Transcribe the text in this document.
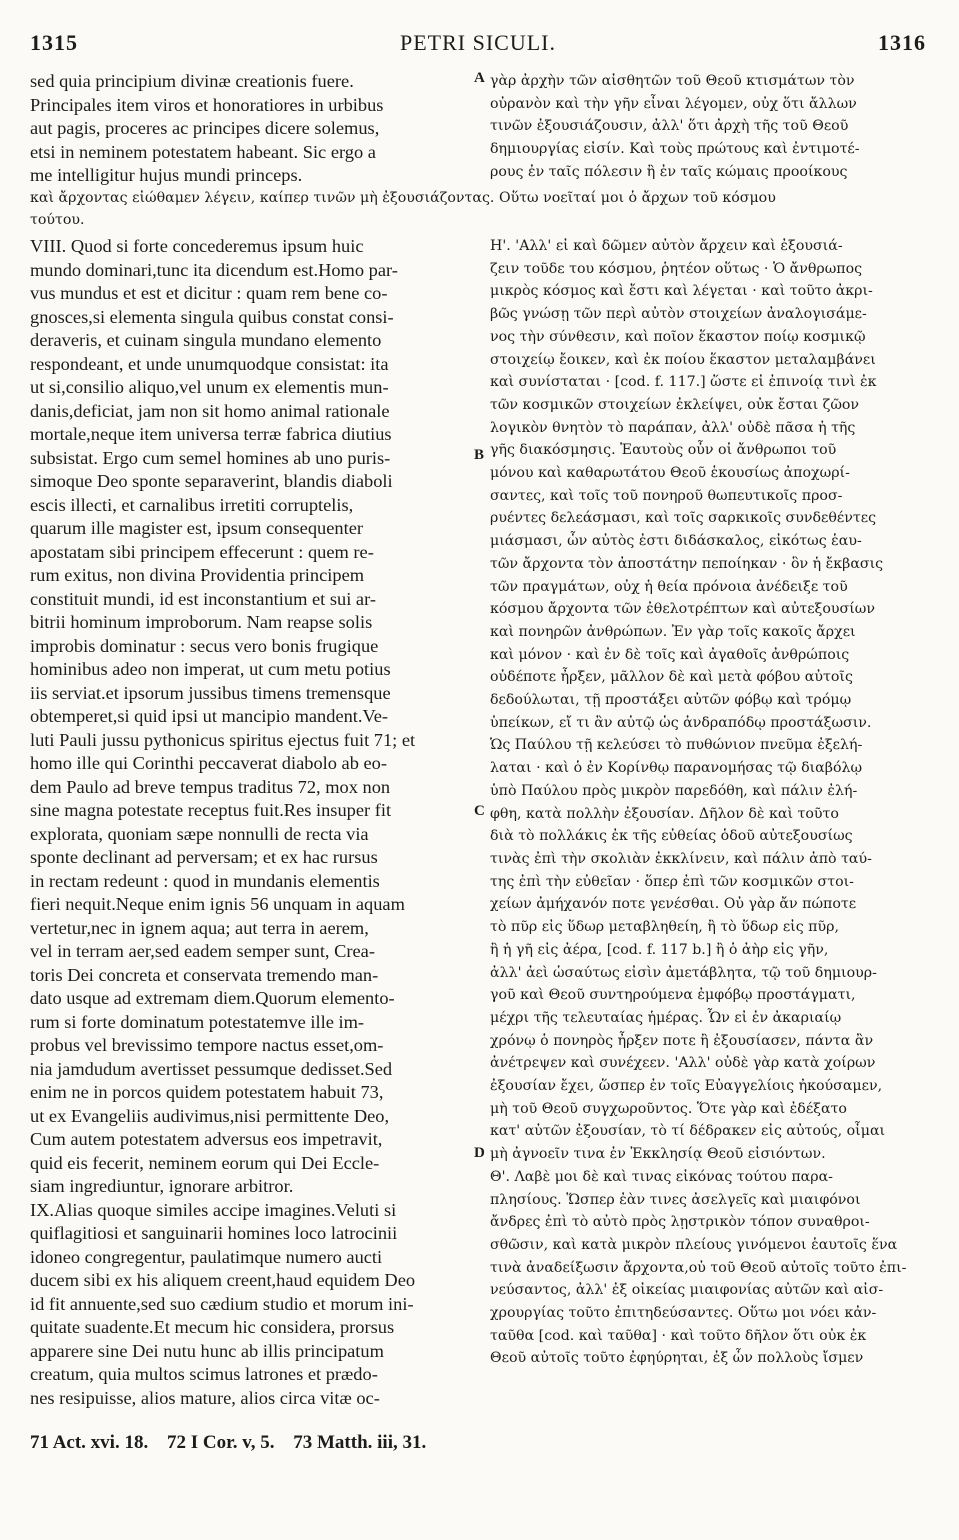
1315	PETRI SICULI.	1316
sed quia principium divinæ creationis fuere.
Principales item viros et honoratiores in urbibus
aut pagis, proceres ac principes dicere solemus,
etsi in neminem potestatem habeant. Sic ergo a
me intelligitur hujus mundi princeps.
γὰρ ἀρχὴν τῶν αἰσθητῶν τοῦ Θεοῦ κτισμάτων τὸν
οὐρανὸν καὶ τὴν γῆν εἶναι λέγομεν, οὐχ ὅτι ἄλλων
τινῶν ἐξουσιάζουσιν, ἀλλ' ὅτι ἀρχὴ τῆς τοῦ Θεοῦ
δημιουργίας εἰσίν. Καὶ τοὺς πρώτους καὶ ἐντιμοτέ-
ρους ἐν ταῖς πόλεσιν ἢ ἐν ταῖς κώμαις προοίκους
καὶ ἄρχοντας εἰώθαμεν λέγειν, καίπερ τινῶν μὴ ἐξουσιάζοντας. Οὕτω νοεῖταί μοι ὁ ἄρχων τοῦ κόσμου
τούτου.
VIII. Quod si forte concederemus ipsum huic
mundo dominari,tunc ita dicendum est.Homo par-
vus mundus et est et dicitur : quam rem bene co-
gnosces,si elementa singula quibus constat consi-
deraveris, et cuinam singula mundano elemento
respondeant, et unde unumquodque consistat: ita
ut si,consilio aliquo,vel unum ex elementis mun-
danis,deficiat, jam non sit homo animal rationale
mortale,neque item universa terræ fabrica diutius
subsistat. Ergo cum semel homines ab uno puris-
simoque Deo sponte separaverint, blandis diaboli
escis illecti, et carnalibus irretiti corruptelis,
quarum ille magister est, ipsum consequenter
apostatam sibi principem effecerunt : quem re-
rum exitus, non divina Providentia principem
constituit mundi, id est inconstantium et sui ar-
bitrii hominum improborum. Nam reapse solis
improbis dominatur : secus vero bonis frugique
hominibus adeo non imperat, ut cum metu potius
iis serviat.et ipsorum jussibus timens tremensque
obtemperet,si quid ipsi ut mancipio mandent.Ve-
luti Pauli jussu pythonicus spiritus ejectus fuit 71; et
homo ille qui Corinthi peccaverat diabolo ab eo-
dem Paulo ad breve tempus traditus 72, mox non
sine magna potestate receptus fuit.Res insuper fit
explorata, quoniam sæpe nonnulli de recta via
sponte declinant ad perversam; et ex hac rursus
in rectam redeunt : quod in mundanis elementis
fieri nequit.Neque enim ignis 56 unquam in aquam
vertetur,nec in ignem aqua; aut terra in aerem,
vel in terram aer,sed eadem semper sunt, Crea-
toris Dei concreta et conservata tremendo man-
dato usque ad extremam diem.Quorum elemento-
rum si forte dominatum potestatemve ille im-
probus vel brevissimo tempore nactus esset,om-
nia jamdudum avertisset pessumque dedisset.Sed
enim ne in porcos quidem potestatem habuit 73,
ut ex Evangeliis audivimus,nisi permittente Deo,
Cum autem potestatem adversus eos impetravit,
quid eis fecerit, neminem eorum qui Dei Eccle-
siam ingrediuntur, ignorare arbitror.
IX.Alias quoque similes accipe imagines.Veluti si
quiflagitiosi et sanguinarii homines loco latrocinii
idoneo congregentur, paulatimque numero aucti
ducem sibi ex his aliquem creent,haud equidem Deo
id fit annuente,sed suo cædium studio et morum ini-
quitate suadente.Et mecum hic considera, prorsus
apparere sine Dei nutu hunc ab illis principatum
creatum, quia multos scimus latrones et prædo-
nes resipuisse, alios mature, alios circa vitæ oc-
Η'. 'Αλλ' εἰ καὶ δῶμεν αὐτὸν ἄρχειν καὶ ἐξουσιά-
ζειν τοῦδε του κόσμου, ῥητέον οὕτως · Ὁ ἄνθρωπος
μικρὸς κόσμος καὶ ἔστι καὶ λέγεται · καὶ τοῦτο ἀκρι-
βῶς γνώσῃ τῶν περὶ αὐτὸν στοιχείων ἀναλογισάμε-
νος τὴν σύνθεσιν, καὶ ποῖον ἕκαστον ποίῳ κοσμικῷ
στοιχείῳ ἔοικεν, καὶ ἐκ ποίου ἕκαστον μεταλαμβάνει
καὶ συνίσταται · [cod. f. 117.] ὥστε εἰ ἐπινοίᾳ τινὶ ἐκ
τῶν κοσμικῶν στοιχείων ἐκλείψει, οὐκ ἔσται ζῶον
λογικὸν θνητὸν τὸ παράπαν, ἀλλ' οὐδὲ πᾶσα ἡ τῆς
γῆς διακόσμησις. Ἑαυτοὺς οὖν οἱ ἄνθρωποι τοῦ
μόνου καὶ καθαρωτάτου Θεοῦ ἑκουσίως ἀποχωρί-
σαντες, καὶ τοῖς τοῦ πονηροῦ θωπευτικοῖς προσ-
ρυέντες δελεάσμασι, καὶ τοῖς σαρκικοῖς συνδεθέντες
μιάσμασι, ὧν αὐτὸς ἐστι διδάσκαλος, εἰκότως ἑαυ-
τῶν ἄρχοντα τὸν ἀποστάτην πεποίηκαν · ὃν ἡ ἔκβασις
τῶν πραγμάτων, οὐχ ἡ θεία πρόνοια ἀνέδειξε τοῦ
κόσμου ἄρχοντα τῶν ἐθελοτρέπτων καὶ αὐτεξουσίων
καὶ πονηρῶν ἀνθρώπων. Ἐν γὰρ τοῖς κακοῖς ἄρχει
καὶ μόνον · καὶ ἐν δὲ τοῖς καὶ ἀγαθοῖς ἀνθρώποις
οὐδέποτε ἦρξεν, μᾶλλον δὲ καὶ μετὰ φόβου αὐτοῖς
δεδούλωται, τῇ προστάξει αὐτῶν φόβῳ καὶ τρόμῳ
ὑπείκων, εἴ τι ἂν αὐτῷ ὡς ἀνδραπόδῳ προστάξωσιν.
Ὡς Παύλου τῇ κελεύσει τὸ πυθώνιον πνεῦμα ἐξελή-
λαται · καὶ ὁ ἐν Κορίνθῳ παρανομήσας τῷ διαβόλῳ
ὑπὸ Παύλου πρὸς μικρὸν παρεδόθη, καὶ πάλιν ἐλή-
φθη, κατὰ πολλὴν ἐξουσίαν. Δῆλον δὲ καὶ τοῦτο
διὰ τὸ πολλάκις ἐκ τῆς εὐθείας ὁδοῦ αὐτεξουσίως
τινὰς ἐπὶ τὴν σκολιὰν ἐκκλίνειν, καὶ πάλιν ἀπὸ ταύ-
της ἐπὶ τὴν εὐθεῖαν · ὅπερ ἐπὶ τῶν κοσμικῶν στοι-
χείων ἀμήχανόν ποτε γενέσθαι. Οὐ γὰρ ἄν πώποτε
τὸ πῦρ εἰς ὕδωρ μεταβληθείη, ἢ τὸ ὕδωρ εἰς πῦρ,
ἢ ἡ γῆ εἰς ἀέρα, [cod. f. 117 b.] ἢ ὁ ἀὴρ εἰς γῆν,
ἀλλ' ἀεὶ ὡσαύτως εἰσὶν ἀμετάβλητα, τῷ τοῦ δημιουρ-
γοῦ καὶ Θεοῦ συντηρούμενα ἐμφόβῳ προστάγματι,
μέχρι τῆς τελευταίας ἡμέρας. Ὧν εἰ ἐν ἀκαριαίῳ
χρόνῳ ὁ πονηρὸς ἦρξεν ποτε ἢ ἐξουσίασεν, πάντα ἂν
ἀνέτρεψεν καὶ συνέχεεν. 'Αλλ' οὐδὲ γὰρ κατὰ χοίρων
ἐξουσίαν ἔχει, ὥσπερ ἐν τοῖς Εὐαγγελίοις ἠκούσαμεν,
μὴ τοῦ Θεοῦ συγχωροῦντος. Ὅτε γὰρ καὶ ἐδέξατο
κατ' αὐτῶν ἐξουσίαν, τὸ τί δέδρακεν εἰς αὐτούς, οἶμαι
μὴ ἀγνοεῖν τινα ἐν Ἐκκλησίᾳ Θεοῦ εἰσιόντων.
Θ'. Λαβὲ μοι δὲ καὶ τινας εἰκόνας τούτου παρα-
πλησίους. Ὥσπερ ἐὰν τινες ἀσελγεῖς καὶ μιαιφόνοι
ἄνδρες ἐπὶ τὸ αὐτὸ πρὸς λῃστρικὸν τόπον συναθροι-
σθῶσιν, καὶ κατὰ μικρὸν πλείους γινόμενοι ἑαυτοῖς ἕνα
τινὰ ἀναδείξωσιν ἄρχοντα,οὐ τοῦ Θεοῦ αὐτοῖς τοῦτο ἐπι-
νεύσαντος, ἀλλ' ἐξ οἰκείας μιαιφονίας αὐτῶν καὶ αἰσ-
χρουργίας τοῦτο ἐπιτηδεύσαντες. Οὕτω μοι νόει κἀν-
ταῦθα [cod. καὶ ταῦθα] · καὶ τοῦτο δῆλον ὅτι οὐκ ἐκ
Θεοῦ αὐτοῖς τοῦτο ἐφηύρηται, ἐξ ὧν πολλοὺς ἴσμεν
A
B
C
D
71 Act. xvi. 18. 72 I Cor. v, 5. 73 Matth. iii, 31.
